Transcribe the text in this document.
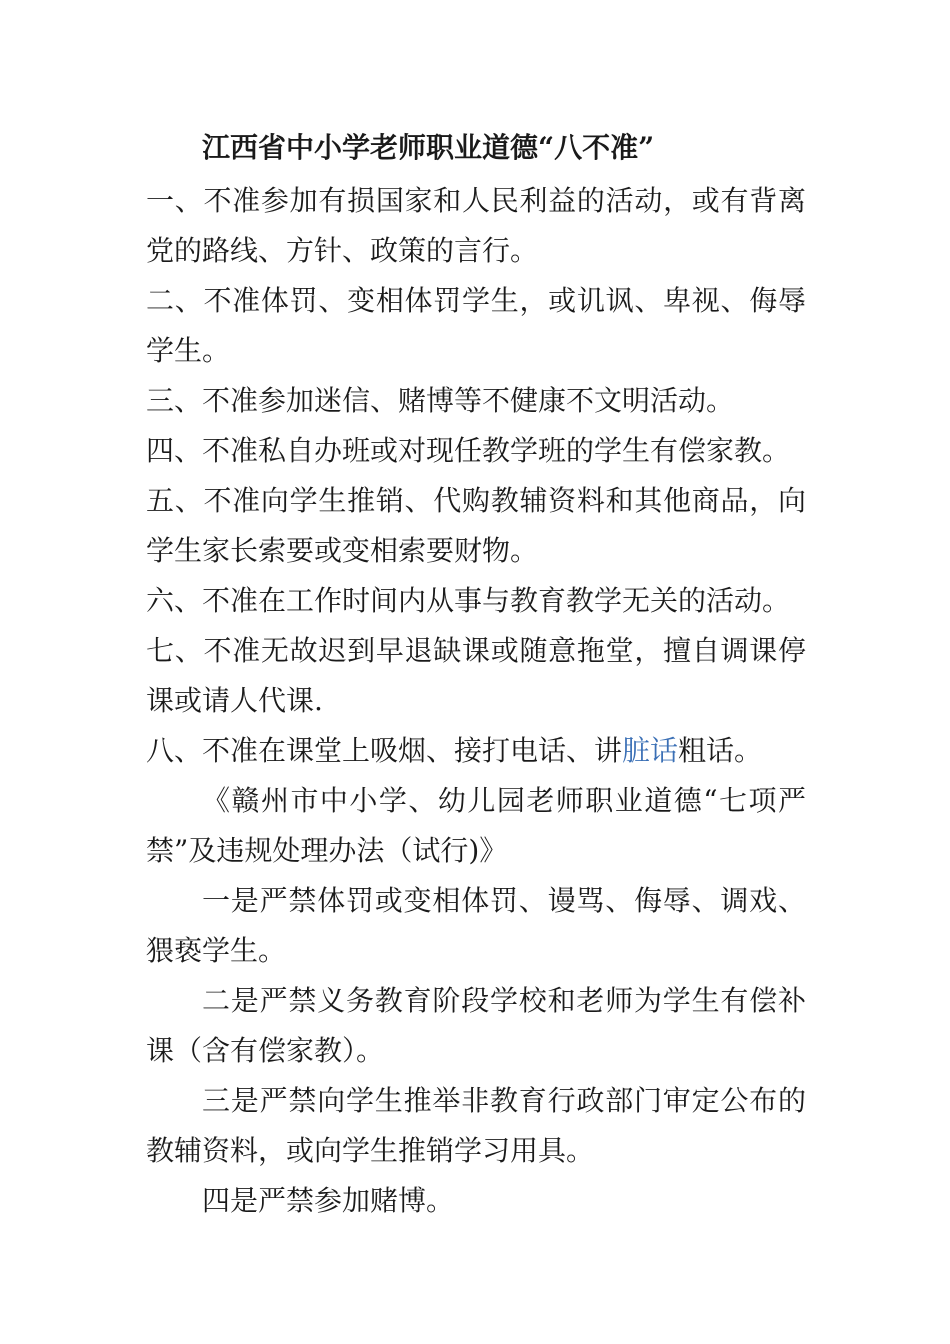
江西省中小学老师职业道德“八不准”

一、不准参加有损国家和人民利益的活动，或有背离党的路线、方针、政策的言行。

二、不准体罚、变相体罚学生，或讥讽、卑视、侮辱学生。

三、不准参加迷信、赌博等不健康不文明活动。

四、不准私自办班或对现任教学班的学生有偿家教。

五、不准向学生推销、代购教辅资料和其他商品，向学生家长索要或变相索要财物。

六、不准在工作时间内从事与教育教学无关的活动。

七、不准无故迟到早退缺课或随意拖堂，擅自调课停课或请人代课.

八、不准在课堂上吸烟、接打电话、讲脏话粗话。

《赣州市中小学、幼儿园老师职业道德“七项严禁”及违规处理办法（试行)》

一是严禁体罚或变相体罚、谩骂、侮辱、调戏、猥亵学生。

二是严禁义务教育阶段学校和老师为学生有偿补课（含有偿家教）。

三是严禁向学生推举非教育行政部门审定公布的教辅资料，或向学生推销学习用具。

四是严禁参加赌博。
